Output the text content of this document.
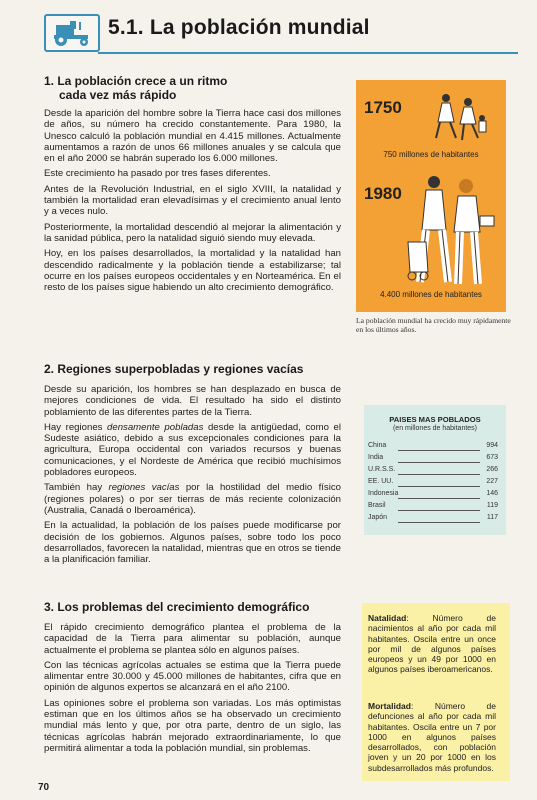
5.1. La población mundial
1. La población crece a un ritmo
cada vez más rápido

Desde la aparición del hombre sobre la Tierra hace casi dos millones de años, su número ha crecido constantemente. Para 1980, la Unesco calculó la población mundial en 4.415 millones. Actualmente aumentamos a razón de unos 66 millones anuales y se calcula que en el año 2000 se habrán superado los 6.000 millones.

Este crecimiento ha pasado por tres fases diferentes.

Antes de la Revolución Industrial, en el siglo XVIII, la natalidad y también la mortalidad eran elevadísimas y el crecimiento anual lento y a veces nulo.

Posteriormente, la mortalidad descendió al mejorar la alimentación y la sanidad pública, pero la natalidad siguió siendo muy elevada.

Hoy, en los países desarrollados, la mortalidad y la natalidad han descendido radicalmente y la población tiende a estabilizarse; tal ocurre en los países europeos occidentales y en Norteamérica. En el resto de los países sigue habiendo un alto crecimiento demográfico.

2. Regiones superpobladas y regiones vacías

Desde su aparición, los hombres se han desplazado en busca de mejores condiciones de vida. El resultado ha sido el distinto poblamiento de las diferentes partes de la Tierra.

Hay regiones densamente pobladas desde la antigüedad, como el Sudeste asiático, debido a sus excepcionales condiciones para la agricultura, Europa occidental con variados recursos y buenas comunicaciones, y el Nordeste de América que recibió muchísimos pobladores europeos.

También hay regiones vacías por la hostilidad del medio físico (regiones polares) o por ser tierras de más reciente colonización (Australia, Canadá o Iberoamérica).

En la actualidad, la población de los países puede modificarse por decisión de los gobiernos. Algunos países, sobre todo los poco desarrollados, favorecen la natalidad, mientras que en otros se tiende a la planificación familiar.

3. Los problemas del crecimiento demográfico

El rápido crecimiento demográfico plantea el problema de la capacidad de la Tierra para alimentar su población, aunque actualmente el problema se plantea sólo en algunos países.

Con las técnicas agrícolas actuales se estima que la Tierra puede alimentar entre 30.000 y 45.000 millones de habitantes, cifra que en opinión de algunos expertos se alcanzará en el año 2100.

Las opiniones sobre el problema son variadas. Los más optimistas estiman que en los últimos años se ha observado un crecimiento mundial más lento y que, por otra parte, dentro de un siglo, las técnicas agrícolas habrán mejorado extraordinariamente, lo que permitirá alimentar a toda la población mundial, sin problemas.

1750
750 millones de habitantes
1980
4.400 millones de habitantes
La población mundial ha crecido muy rápidamente en los últimos años.
PAISES MAS POBLADOS
(en millones de habitantes)
China	994
India	673
U.R.S.S.	266
EE. UU.	227
Indonesia	146
Brasil	119
Japón	117
Natalidad: Número de nacimientos al año por cada mil habitantes. Oscila entre un once por mil de algunos países europeos y un 49 por 1000 en algunos países iberoamericanos.
Mortalidad: Número de defunciones al año por cada mil habitantes. Oscila entre un 7 por 1000 en algunos países desarrollados, con población joven y un 20 por 1000 en los subdesarrollados más profundos.
70
